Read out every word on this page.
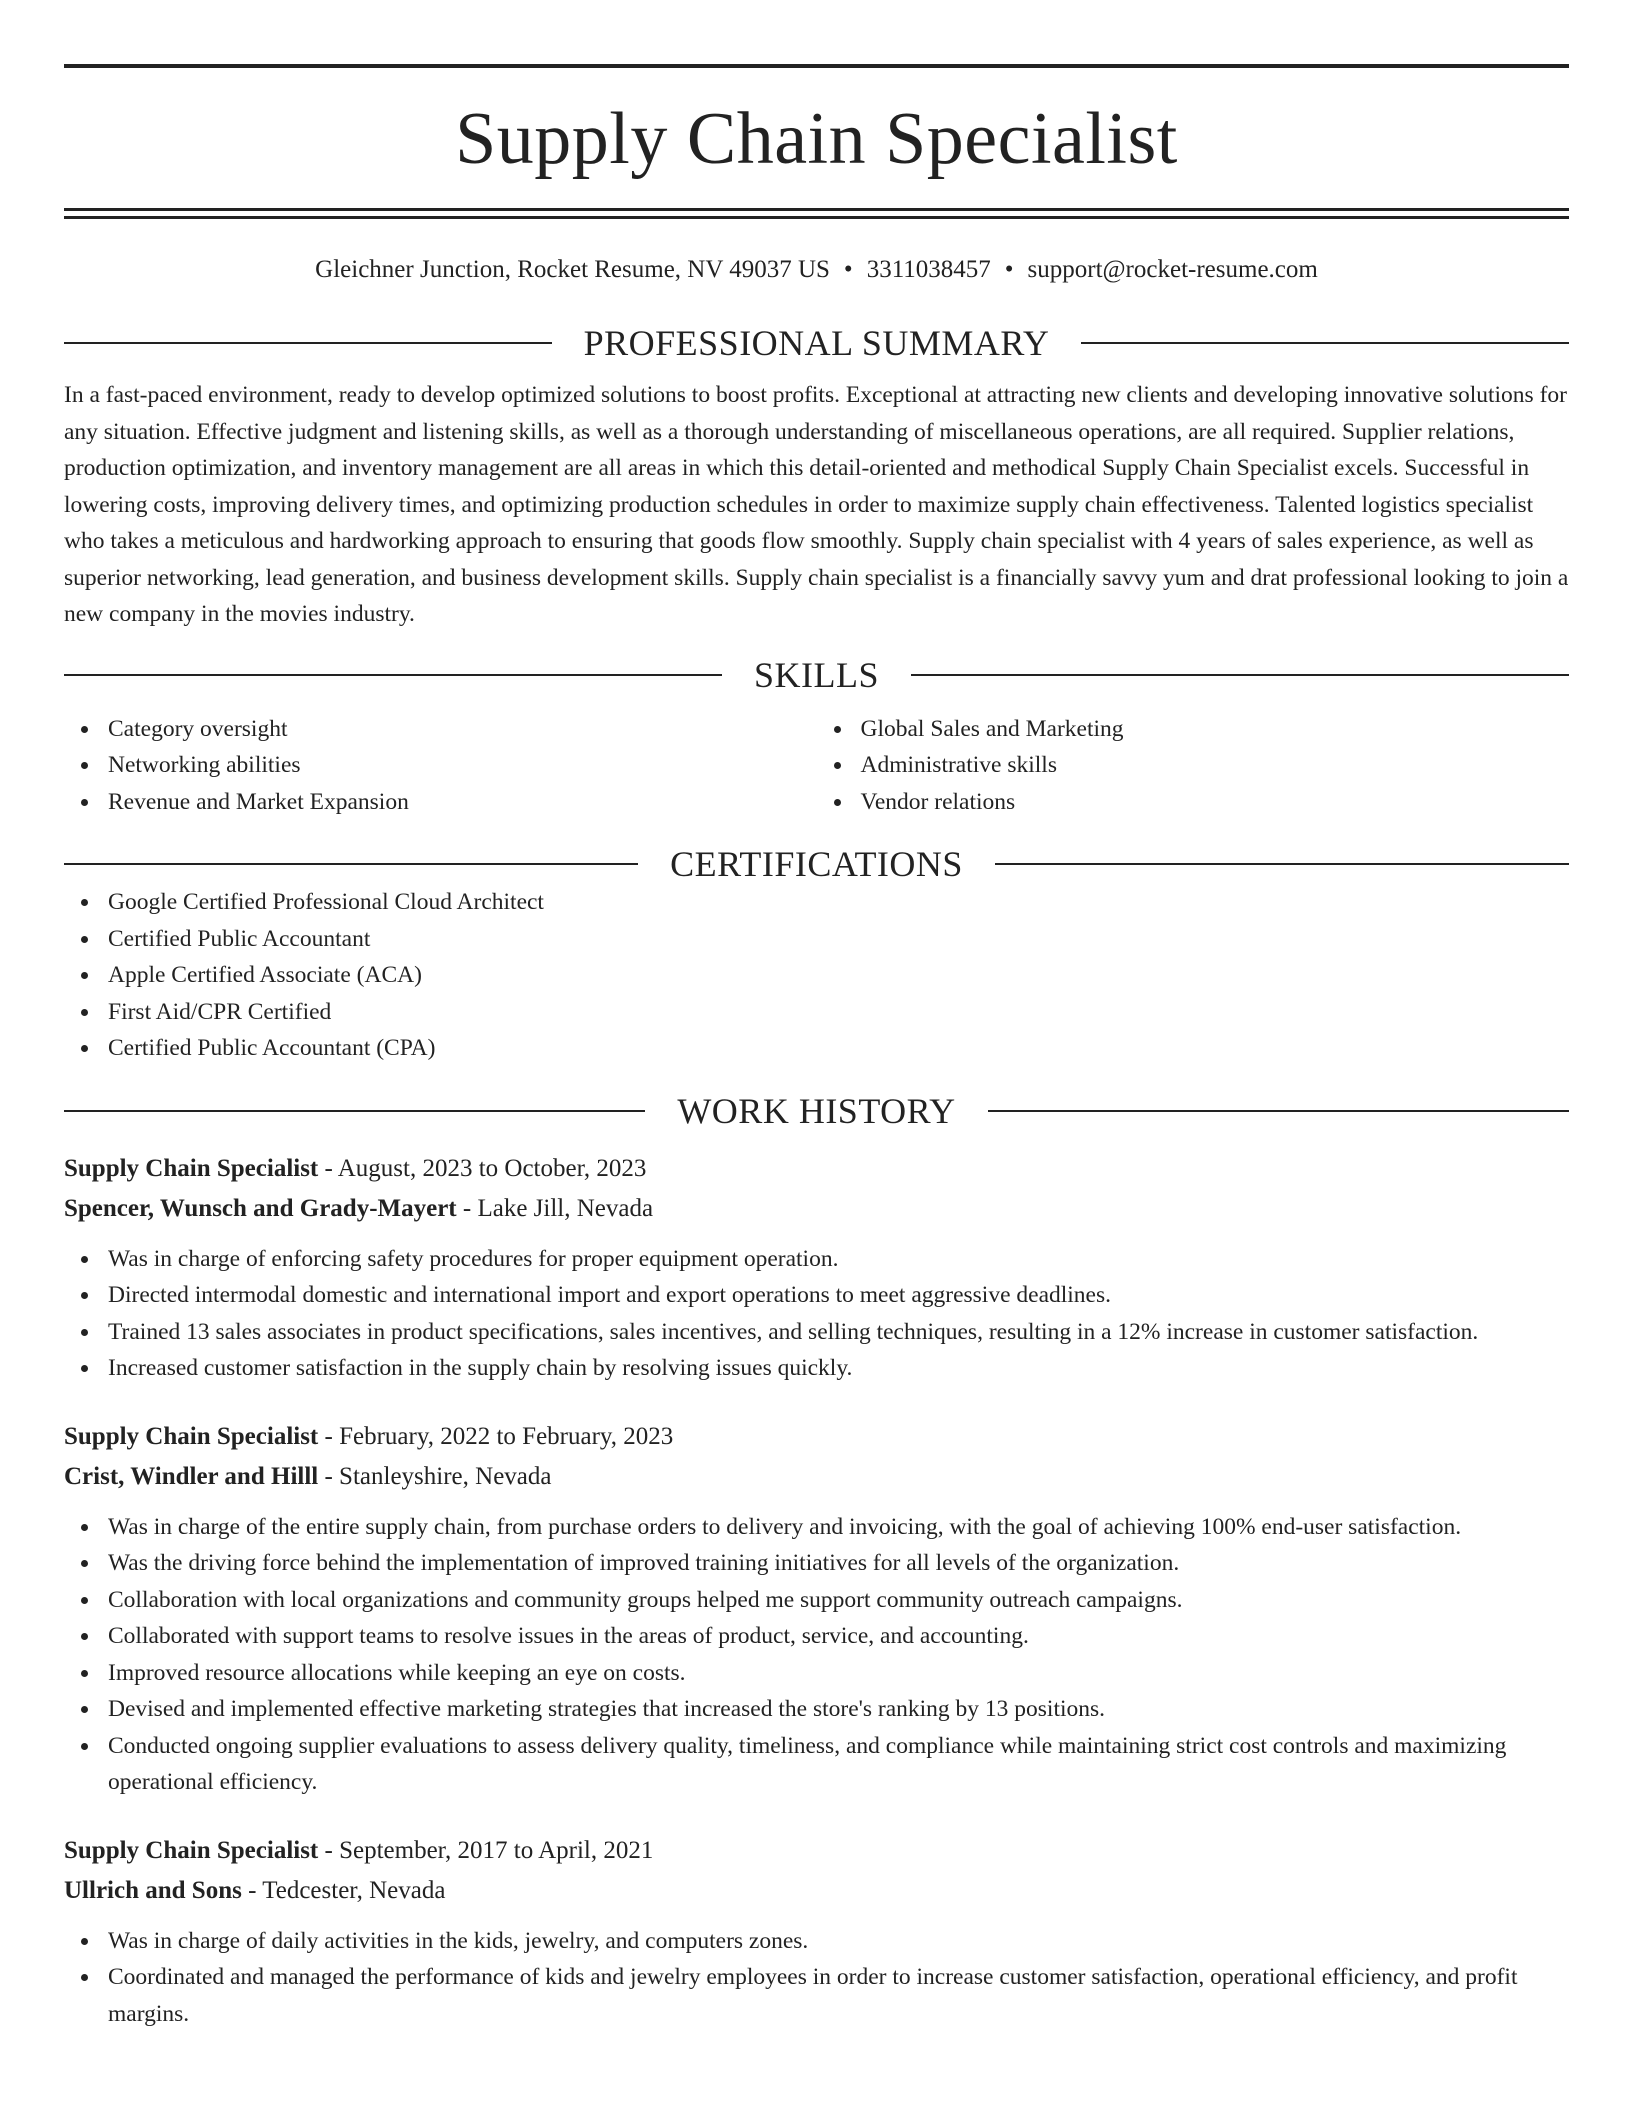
Supply Chain Specialist
Gleichner Junction, Rocket Resume, NV 49037 US • 3311038457 • support@rocket-resume.com
PROFESSIONAL SUMMARY

In a fast-paced environment, ready to develop optimized solutions to boost profits. Exceptional at attracting new clients and developing innovative solutions for any situation. Effective judgment and listening skills, as well as a thorough understanding of miscellaneous operations, are all required. Supplier relations, production optimization, and inventory management are all areas in which this detail-oriented and methodical Supply Chain Specialist excels. Successful in lowering costs, improving delivery times, and optimizing production schedules in order to maximize supply chain effectiveness. Talented logistics specialist who takes a meticulous and hardworking approach to ensuring that goods flow smoothly. Supply chain specialist with 4 years of sales experience, as well as superior networking, lead generation, and business development skills. Supply chain specialist is a financially savvy yum and drat professional looking to join a new company in the movies industry.

SKILLS
Category oversight
Networking abilities
Revenue and Market Expansion
Global Sales and Marketing
Administrative skills
Vendor relations
CERTIFICATIONS
Google Certified Professional Cloud Architect
Certified Public Accountant
Apple Certified Associate (ACA)
First Aid/CPR Certified
Certified Public Accountant (CPA)
WORK HISTORY
Supply Chain Specialist - August, 2023 to October, 2023
Spencer, Wunsch and Grady-Mayert - Lake Jill, Nevada
Was in charge of enforcing safety procedures for proper equipment operation.
Directed intermodal domestic and international import and export operations to meet aggressive deadlines.
Trained 13 sales associates in product specifications, sales incentives, and selling techniques, resulting in a 12% increase in customer satisfaction.
Increased customer satisfaction in the supply chain by resolving issues quickly.
Supply Chain Specialist - February, 2022 to February, 2023
Crist, Windler and Hilll - Stanleyshire, Nevada
Was in charge of the entire supply chain, from purchase orders to delivery and invoicing, with the goal of achieving 100% end-user satisfaction.
Was the driving force behind the implementation of improved training initiatives for all levels of the organization.
Collaboration with local organizations and community groups helped me support community outreach campaigns.
Collaborated with support teams to resolve issues in the areas of product, service, and accounting.
Improved resource allocations while keeping an eye on costs.
Devised and implemented effective marketing strategies that increased the store's ranking by 13 positions.
Conducted ongoing supplier evaluations to assess delivery quality, timeliness, and compliance while maintaining strict cost controls and maximizing operational efficiency.
Supply Chain Specialist - September, 2017 to April, 2021
Ullrich and Sons - Tedcester, Nevada
Was in charge of daily activities in the kids, jewelry, and computers zones.
Coordinated and managed the performance of kids and jewelry employees in order to increase customer satisfaction, operational efficiency, and profit margins.
